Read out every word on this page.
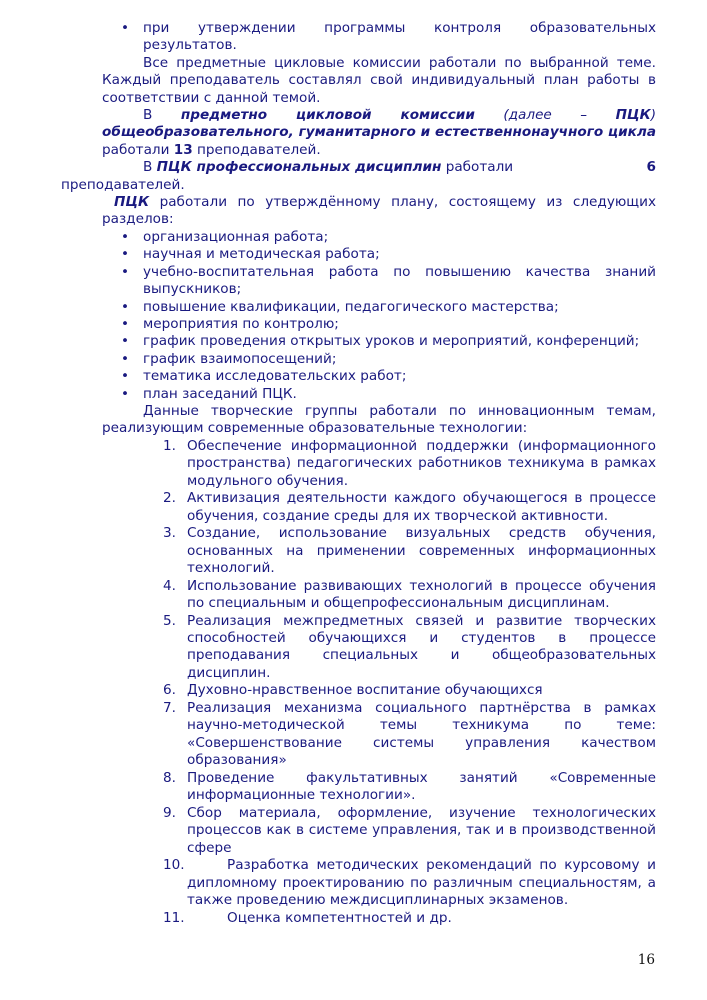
• при утверждении программы контроля образовательных результатов.

Все предметные цикловые комиссии работали по выбранной теме. Каждый преподаватель составлял свой индивидуальный план работы в соответствии с данной темой.

В предметно цикловой комиссии (далее – ПЦК) общеобразовательного, гуманитарного и естественнонаучного цикла работали 13 преподавателей.

В ПЦК профессиональных дисциплин работали	6

преподавателей.

ПЦК работали по утверждённому плану, состоящему из следующих разделов:

• организационная работа;
• научная и методическая работа;
• учебно-воспитательная работа по повышению качества знаний выпускников;
• повышение квалификации, педагогического мастерства;
• мероприятия по контролю;
• график проведения открытых уроков и мероприятий, конференций;
• график взаимопосещений;
• тематика исследовательских работ;
• план заседаний ПЦК.

Данные творческие группы работали по инновационным темам, реализующим современные образовательные технологии:

1. Обеспечение информационной поддержки (информационного пространства) педагогических работников техникума в рамках модульного обучения.
2. Активизация деятельности каждого обучающегося в процессе обучения, создание среды для их творческой активности.
3. Создание, использование визуальных средств обучения, основанных на применении современных информационных технологий.
4. Использование развивающих технологий в процессе обучения по специальным и общепрофессиональным дисциплинам.
5. Реализация межпредметных связей и развитие творческих способностей обучающихся и студентов в процессе преподавания специальных и общеобразовательных дисциплин.
6. Духовно-нравственное воспитание обучающихся
7. Реализация механизма социального партнёрства в рамках научно-методической темы техникума по теме: «Совершенствование системы управления качеством образования»
8. Проведение факультативных занятий «Современные информационные технологии».
9. Сбор материала, оформление, изучение технологических процессов как в системе управления, так и в производственной сфере
10.	Разработка методических рекомендаций по курсовому и дипломному проектированию по различным специальностям, а также проведению междисциплинарных экзаменов.
11.	Оценка компетентностей и др.
16
